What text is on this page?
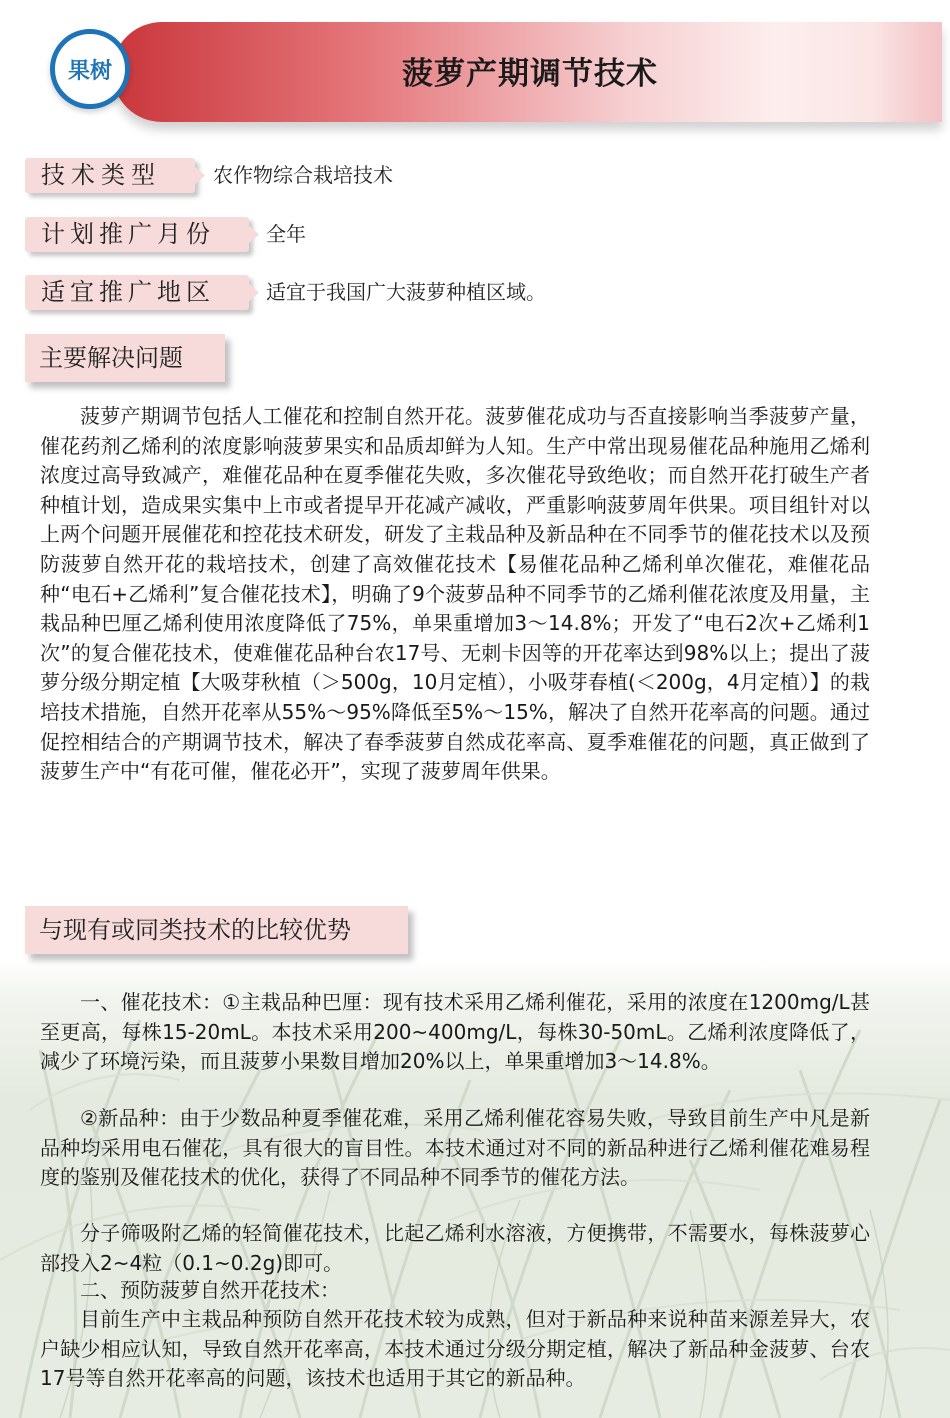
菠萝产期调节技术
果树
技术类型	农作物综合栽培技术
计划推广月份	全年
适宜推广地区	适宜于我国广大菠萝种植区域。
主要解决问题

菠萝产期调节包括人工催花和控制自然开花。菠萝催花成功与否直接影响当季菠萝产量，催花药剂乙烯利的浓度影响菠萝果实和品质却鲜为人知。生产中常出现易催花品种施用乙烯利浓度过高导致减产，难催花品种在夏季催花失败，多次催花导致绝收；而自然开花打破生产者种植计划，造成果实集中上市或者提早开花减产减收，严重影响菠萝周年供果。项目组针对以上两个问题开展催花和控花技术研发，研发了主栽品种及新品种在不同季节的催花技术以及预防菠萝自然开花的栽培技术，创建了高效催花技术【易催花品种乙烯利单次催花，难催花品种“电石+乙烯利”复合催花技术】，明确了9个菠萝品种不同季节的乙烯利催花浓度及用量，主栽品种巴厘乙烯利使用浓度降低了75%，单果重增加3～14.8%；开发了“电石2次+乙烯利1次”的复合催花技术，使难催花品种台农17号、无刺卡因等的开花率达到98%以上；提出了菠萝分级分期定植【大吸芽秋植（＞500g，10月定植），小吸芽春植(＜200g，4月定植）】的栽培技术措施，自然开花率从55%～95%降低至5%～15%，解决了自然开花率高的问题。通过促控相结合的产期调节技术，解决了春季菠萝自然成花率高、夏季难催花的问题，真正做到了菠萝生产中“有花可催，催花必开”，实现了菠萝周年供果。

与现有或同类技术的比较优势

一、催花技术：①主栽品种巴厘：现有技术采用乙烯利催花，采用的浓度在1200mg/L甚至更高，每株15-20mL。本技术采用200~400mg/L，每株30-50mL。乙烯利浓度降低了，减少了环境污染，而且菠萝小果数目增加20%以上，单果重增加3～14.8%。

②新品种：由于少数品种夏季催花难，采用乙烯利催花容易失败，导致目前生产中凡是新品种均采用电石催花，具有很大的盲目性。本技术通过对不同的新品种进行乙烯利催花难易程度的鉴别及催花技术的优化，获得了不同品种不同季节的催花方法。

分子筛吸附乙烯的轻简催花技术，比起乙烯利水溶液，方便携带，不需要水，每株菠萝心部投入2~4粒（0.1~0.2g)即可。

二、预防菠萝自然开花技术：

目前生产中主栽品种预防自然开花技术较为成熟，但对于新品种来说种苗来源差异大，农户缺少相应认知，导致自然开花率高，本技术通过分级分期定植，解决了新品种金菠萝、台农17号等自然开花率高的问题，该技术也适用于其它的新品种。
